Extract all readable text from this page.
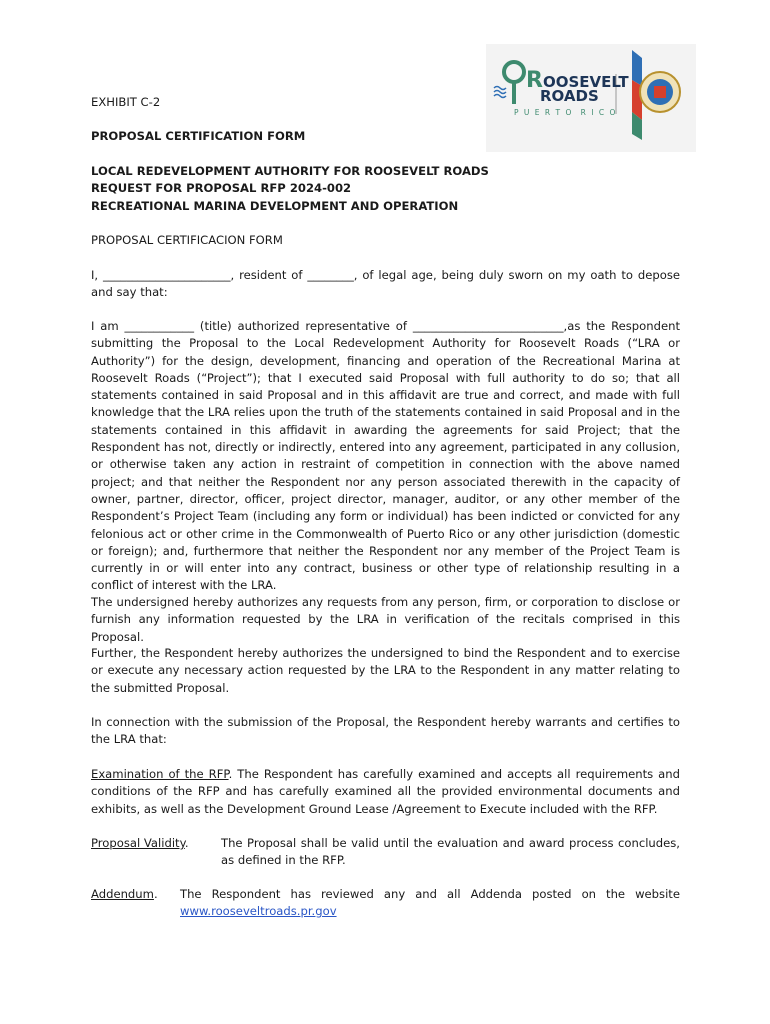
ROOSEVELT
ROADS
P U E R T O  R I C O
EXHIBIT C-2
PROPOSAL CERTIFICATION FORM
LOCAL REDEVELOPMENT AUTHORITY FOR ROOSEVELT ROADS
REQUEST FOR PROPOSAL RFP 2024-002
RECREATIONAL MARINA DEVELOPMENT AND OPERATION
PROPOSAL CERTIFICACION FORM

I, ______________________, resident of ________, of legal age, being duly sworn on my oath to depose and say that:

I am ____________ (title) authorized representative of __________________________,as the Respondent submitting the Proposal to the Local Redevelopment Authority for Roosevelt Roads (“LRA or Authority”) for the design, development, financing and operation of the Recreational Marina at Roosevelt Roads (“Project”); that I executed said Proposal with full authority to do so; that all statements contained in said Proposal and in this affidavit are true and correct, and made with full knowledge that the LRA relies upon the truth of the statements contained in said Proposal and in the statements contained in this affidavit in awarding the agreements for said Project; that the Respondent has not, directly or indirectly, entered into any agreement, participated in any collusion, or otherwise taken any action in restraint of competition in connection with the above named project; and that neither the Respondent nor any person associated therewith in the capacity of owner, partner, director, officer, project director, manager, auditor, or any other member of the Respondent’s Project Team (including any form or individual) has been indicted or convicted for any felonious act or other crime in the Commonwealth of Puerto Rico or any other jurisdiction (domestic or foreign); and, furthermore that neither the Respondent nor any member of the Project Team is currently in or will enter into any contract, business or other type of relationship resulting in a conflict of interest with the LRA.

The undersigned hereby authorizes any requests from any person, firm, or corporation to disclose or furnish any information requested by the LRA in verification of the recitals comprised in this Proposal.

Further, the Respondent hereby authorizes the undersigned to bind the Respondent and to exercise or execute any necessary action requested by the LRA to the Respondent in any matter relating to the submitted Proposal.

In connection with the submission of the Proposal, the Respondent hereby warrants and certifies to the LRA that:

Examination of the RFP. The Respondent has carefully examined and accepts all requirements and conditions of the RFP and has carefully examined all the provided environmental documents and exhibits, as well as the Development Ground Lease /Agreement to Execute included with the RFP.

Proposal Validity.	The Proposal shall be valid until the evaluation and award process concludes, as defined in the RFP.
Addendum.	The Respondent has reviewed any and all Addenda posted on the website
www.rooseveltroads.pr.gov
